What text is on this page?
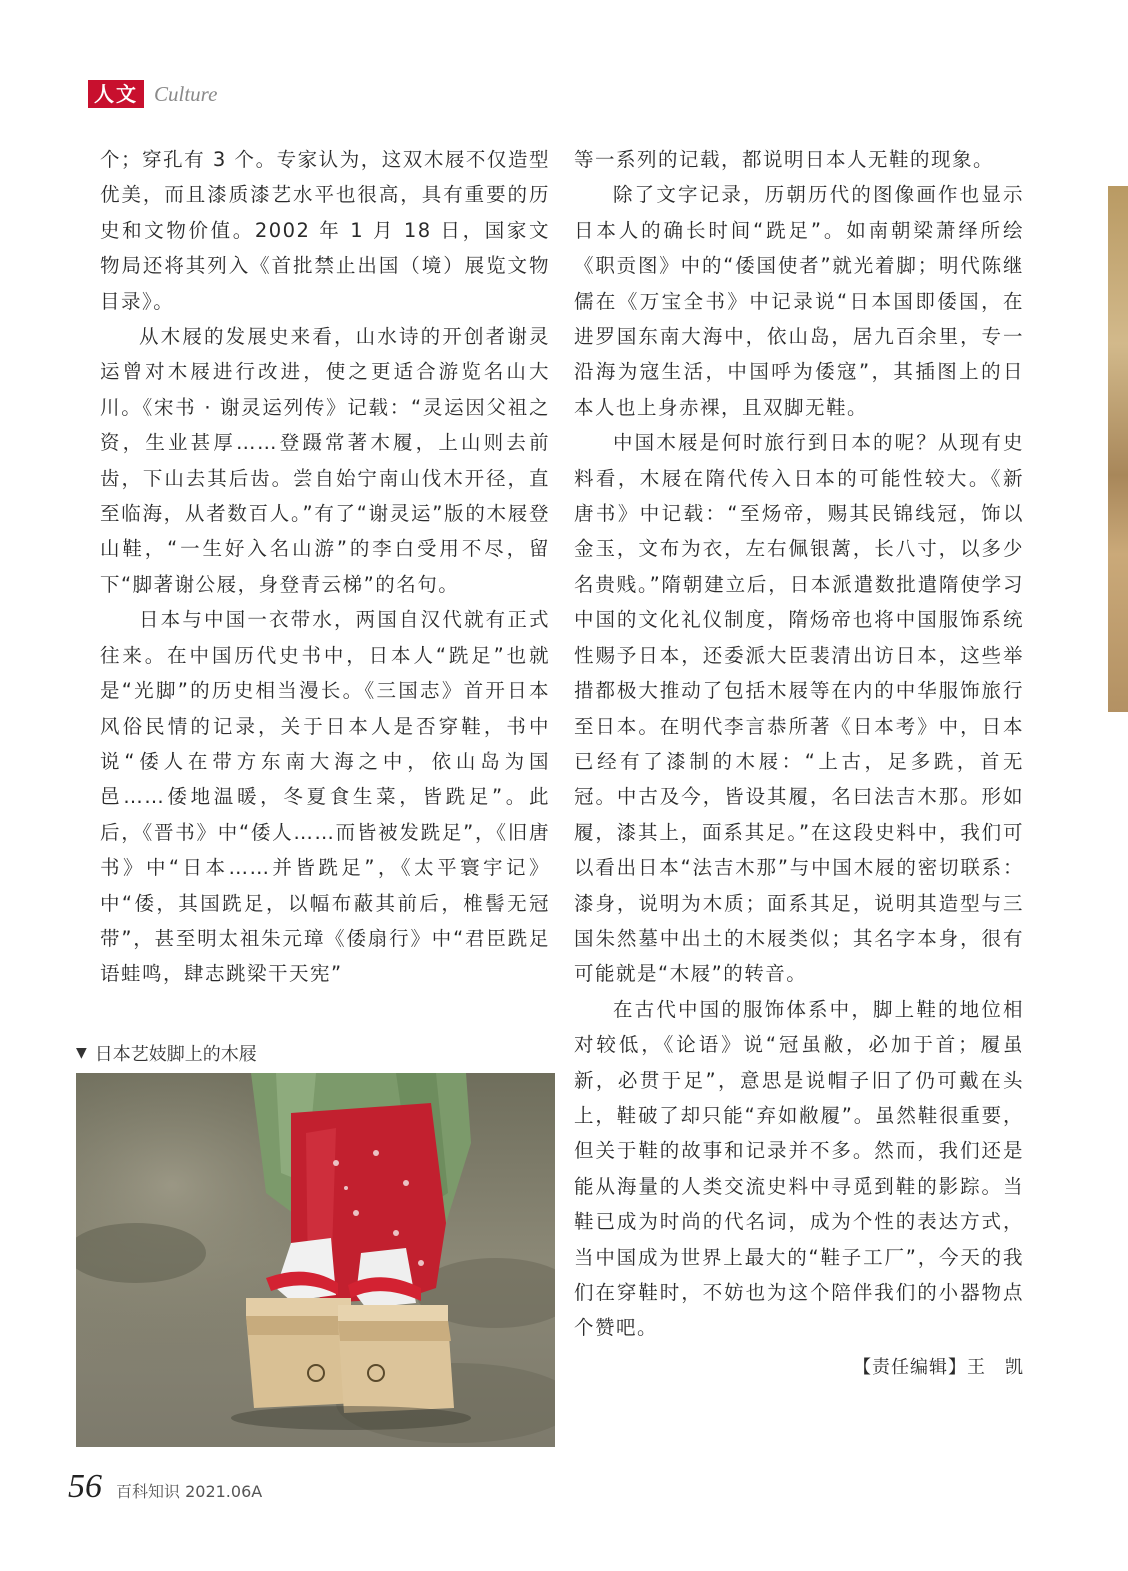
人文 Culture

个；穿孔有 3 个。专家认为，这双木屐不仅造型优美，而且漆质漆艺水平也很高，具有重要的历史和文物价值。2002 年 1 月 18 日，国家文物局还将其列入《首批禁止出国（境）展览文物目录》。

从木屐的发展史来看，山水诗的开创者谢灵运曾对木屐进行改进，使之更适合游览名山大川。《宋书 · 谢灵运列传》记载：“灵运因父祖之资，生业甚厚……登蹑常著木履，上山则去前齿，下山去其后齿。尝自始宁南山伐木开径，直至临海，从者数百人。”有了“谢灵运”版的木屐登山鞋，“一生好入名山游”的李白受用不尽，留下“脚著谢公屐，身登青云梯”的名句。

日本与中国一衣带水，两国自汉代就有正式往来。在中国历代史书中，日本人“跣足”也就是“光脚”的历史相当漫长。《三国志》首开日本风俗民情的记录，关于日本人是否穿鞋，书中说“倭人在带方东南大海之中，依山岛为国邑……倭地温暖，冬夏食生菜，皆跣足”。此后，《晋书》中“倭人……而皆被发跣足”，《旧唐书》中“日本……并皆跣足”，《太平寰宇记》中“倭，其国跣足，以幅布蔽其前后，椎髻无冠带”，甚至明太祖朱元璋《倭扇行》中“君臣跣足语蛙鸣，肆志跳梁干天宪”

等一系列的记载，都说明日本人无鞋的现象。

除了文字记录，历朝历代的图像画作也显示日本人的确长时间“跣足”。如南朝梁萧绎所绘《职贡图》中的“倭国使者”就光着脚；明代陈继儒在《万宝全书》中记录说“日本国即倭国，在进罗国东南大海中，依山岛，居九百余里，专一沿海为寇生活，中国呼为倭寇”，其插图上的日本人也上身赤裸，且双脚无鞋。

中国木屐是何时旅行到日本的呢？从现有史料看，木屐在隋代传入日本的可能性较大。《新唐书》中记载：“至炀帝，赐其民锦线冠，饰以金玉，文布为衣，左右佩银蓠，长八寸，以多少名贵贱。”隋朝建立后，日本派遣数批遣隋使学习中国的文化礼仪制度，隋炀帝也将中国服饰系统性赐予日本，还委派大臣裴清出访日本，这些举措都极大推动了包括木屐等在内的中华服饰旅行至日本。在明代李言恭所著《日本考》中，日本已经有了漆制的木屐：“上古，足多跣，首无冠。中古及今，皆设其履，名曰法吉木那。形如履，漆其上，面系其足。”在这段史料中，我们可以看出日本“法吉木那”与中国木屐的密切联系：漆身，说明为木质；面系其足，说明其造型与三国朱然墓中出土的木屐类似；其名字本身，很有可能就是“木屐”的转音。

在古代中国的服饰体系中，脚上鞋的地位相对较低，《论语》说“冠虽敝，必加于首；履虽新，必贯于足”，意思是说帽子旧了仍可戴在头上，鞋破了却只能“弃如敝履”。虽然鞋很重要，但关于鞋的故事和记录并不多。然而，我们还是能从海量的人类交流史料中寻觅到鞋的影踪。当鞋已成为时尚的代名词，成为个性的表达方式，当中国成为世界上最大的“鞋子工厂”，今天的我们在穿鞋时，不妨也为这个陪伴我们的小器物点个赞吧。

【责任编辑】王　凯
▼ 日本艺妓脚上的木屐
56 百科知识 2021.06A
